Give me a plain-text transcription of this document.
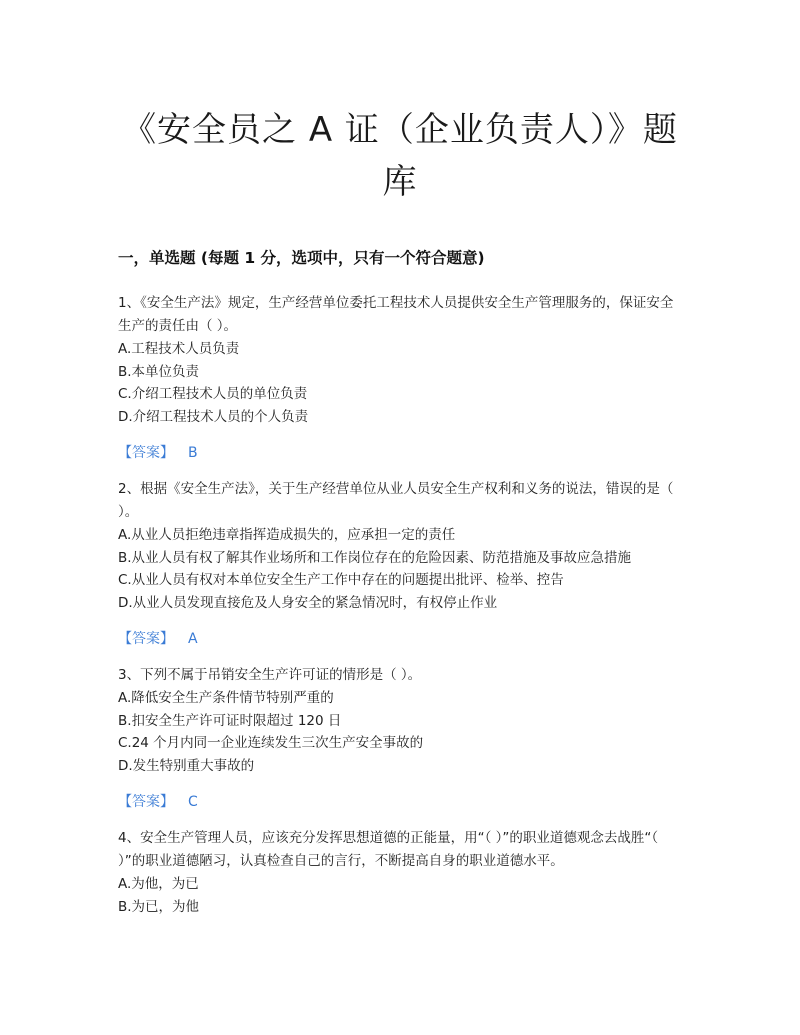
《安全员之 A 证（企业负责人）》题库
一，单选题 (每题 1 分，选项中，只有一个符合题意)

1、《安全生产法》规定，生产经营单位委托工程技术人员提供安全生产管理服务的，保证安全生产的责任由（ ）。

A.工程技术人员负责

B.本单位负责

C.介绍工程技术人员的单位负责

D.介绍工程技术人员的个人负责

【答案】 B

2、根据《安全生产法》，关于生产经营单位从业人员安全生产权利和义务的说法，错误的是（ ）。

A.从业人员拒绝违章指挥造成损失的，应承担一定的责任

B.从业人员有权了解其作业场所和工作岗位存在的危险因素、防范措施及事故应急措施

C.从业人员有权对本单位安全生产工作中存在的问题提出批评、检举、控告

D.从业人员发现直接危及人身安全的紧急情况时，有权停止作业

【答案】 A

3、下列不属于吊销安全生产许可证的情形是（ ）。

A.降低安全生产条件情节特别严重的

B.扣安全生产许可证时限超过 120 日

C.24 个月内同一企业连续发生三次生产安全事故的

D.发生特别重大事故的

【答案】 C

4、安全生产管理人员，应该充分发挥思想道德的正能量，用“（ ）”的职业道德观念去战胜“（ ）”的职业道德陋习，认真检查自己的言行，不断提高自身的职业道德水平。

A.为他，为已

B.为已，为他
